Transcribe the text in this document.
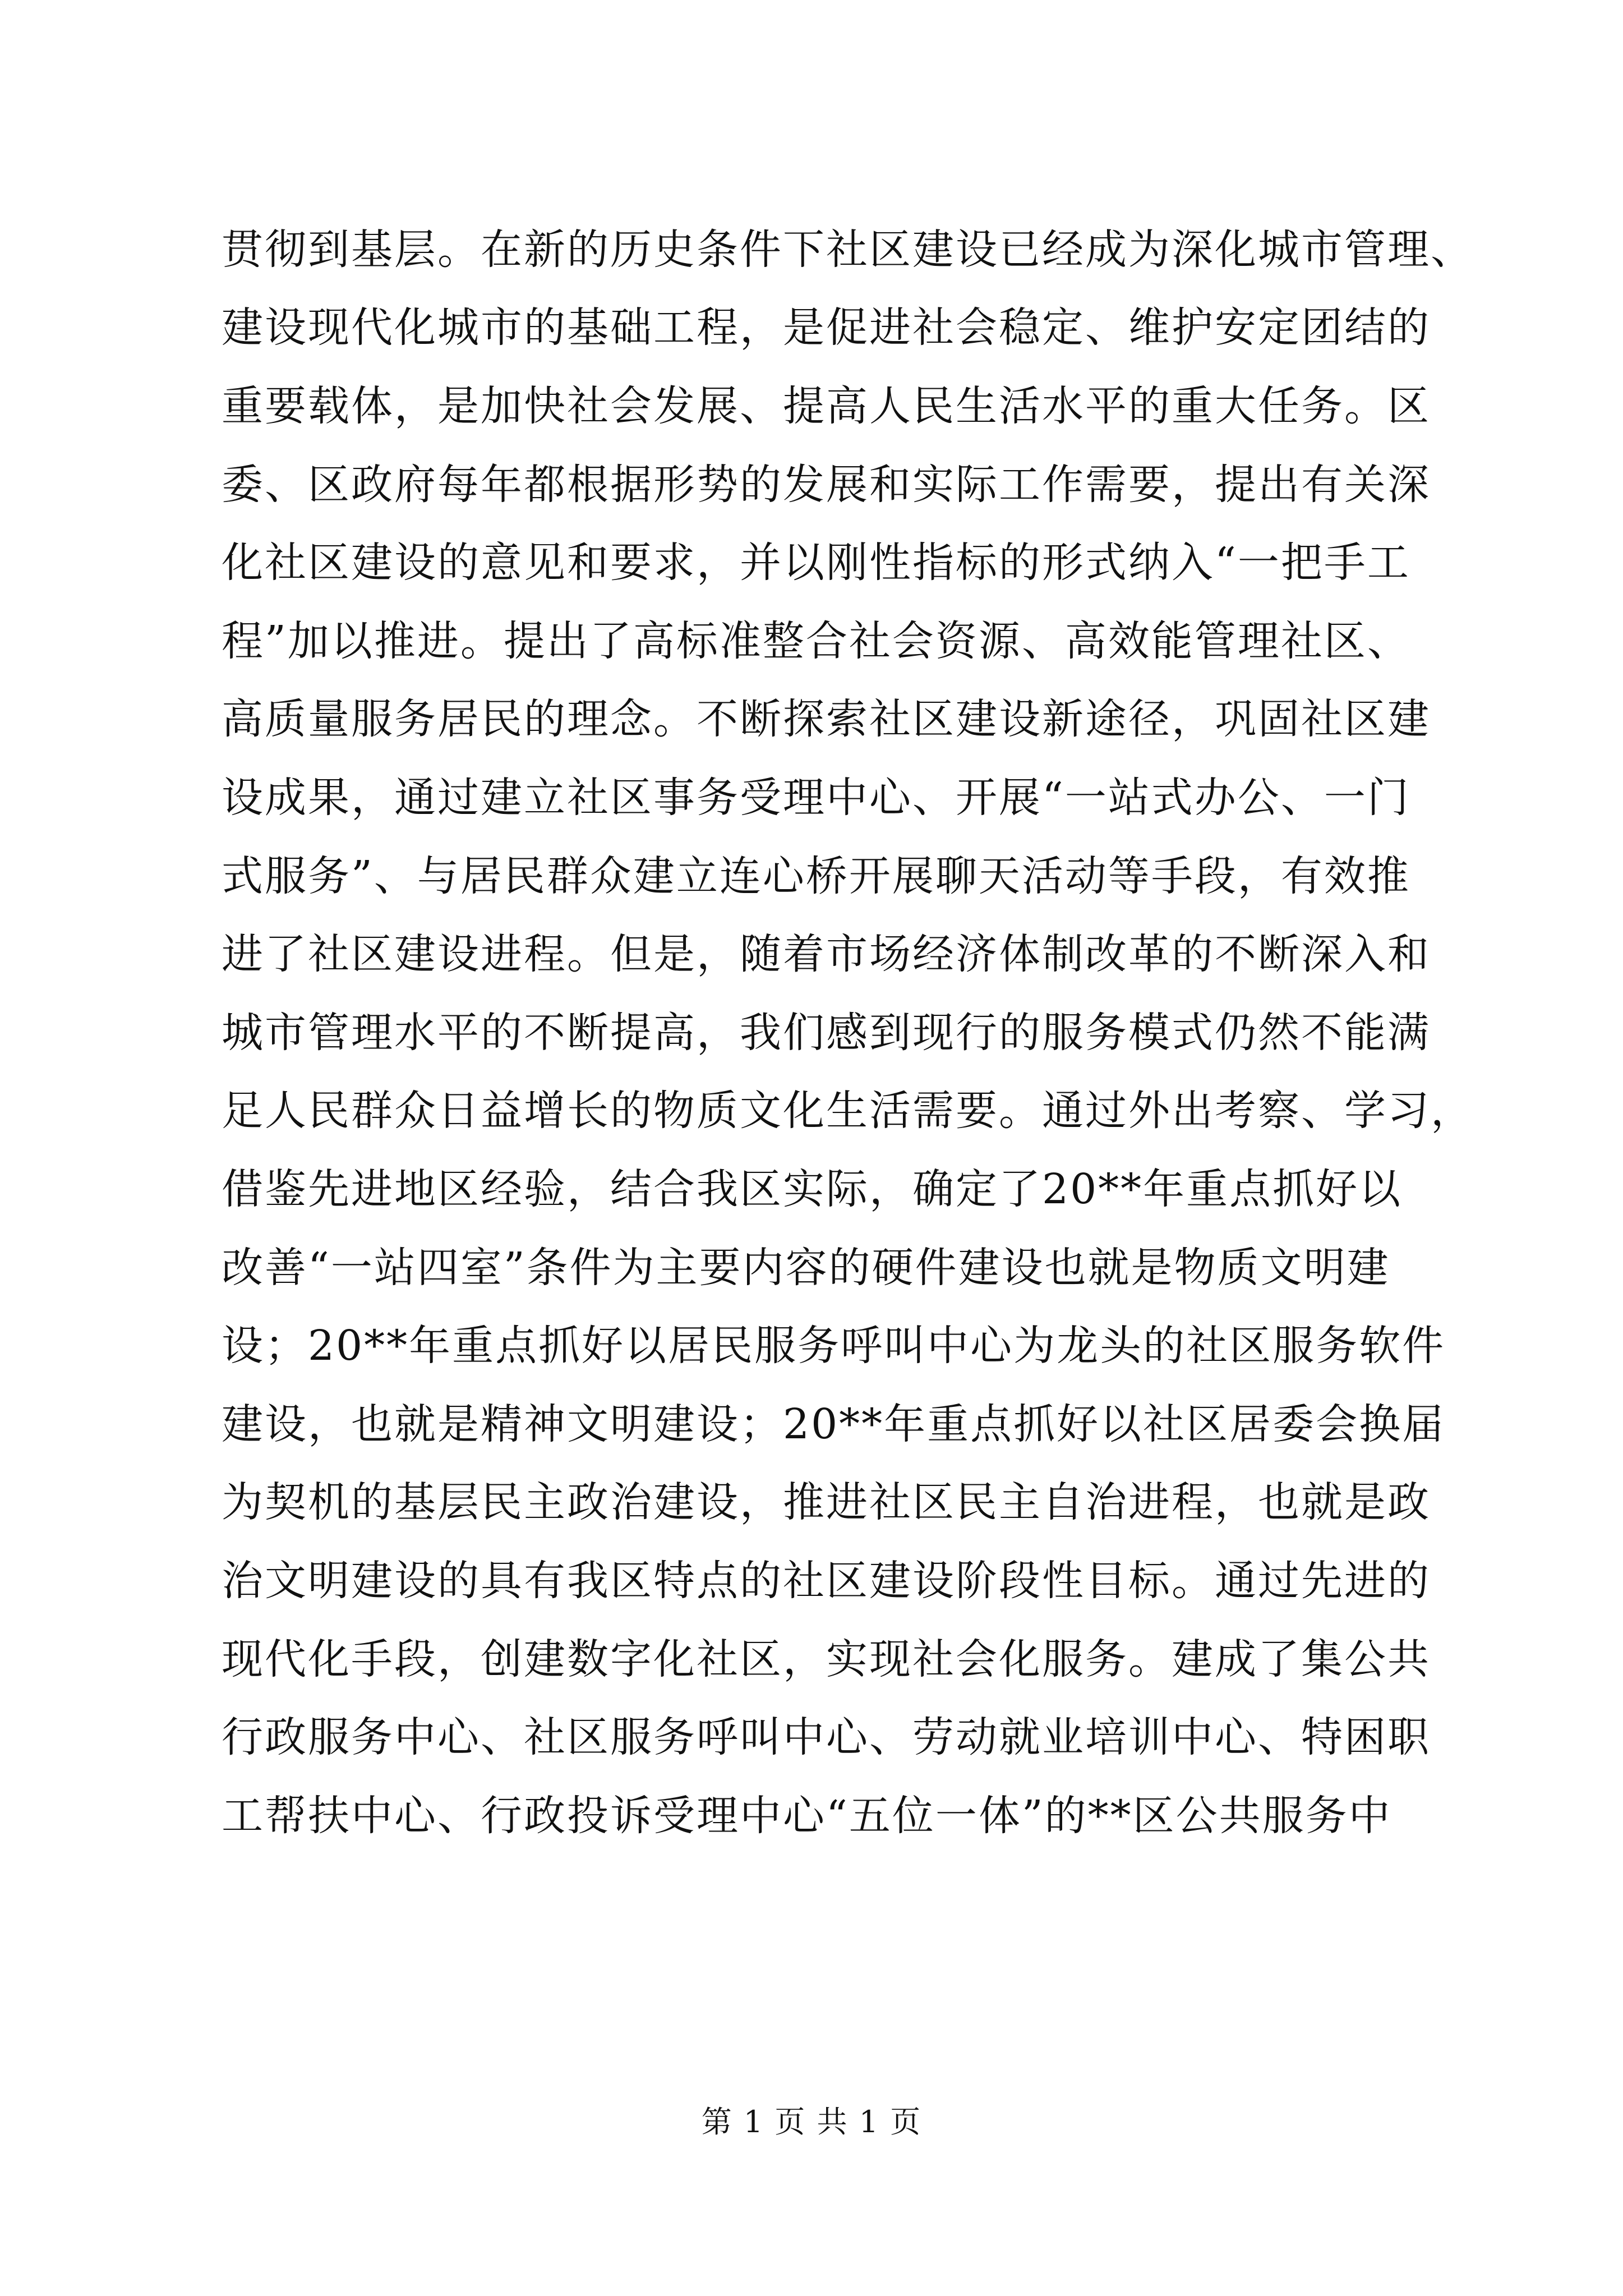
贯彻到基层。在新的历史条件下社区建设已经成为深化城市管理、
建设现代化城市的基础工程，是促进社会稳定、维护安定团结的
重要载体，是加快社会发展、提高人民生活水平的重大任务。区
委、区政府每年都根据形势的发展和实际工作需要，提出有关深
化社区建设的意见和要求，并以刚性指标的形式纳入“一把手工
程”加以推进。提出了高标准整合社会资源、高效能管理社区、
高质量服务居民的理念。不断探索社区建设新途径，巩固社区建
设成果，通过建立社区事务受理中心、开展“一站式办公、一门
式服务”、与居民群众建立连心桥开展聊天活动等手段，有效推
进了社区建设进程。但是，随着市场经济体制改革的不断深入和
城市管理水平的不断提高，我们感到现行的服务模式仍然不能满
足人民群众日益增长的物质文化生活需要。通过外出考察、学习，
借鉴先进地区经验，结合我区实际，确定了20**年重点抓好以
改善“一站四室”条件为主要内容的硬件建设也就是物质文明建
设；20**年重点抓好以居民服务呼叫中心为龙头的社区服务软件
建设，也就是精神文明建设；20**年重点抓好以社区居委会换届
为契机的基层民主政治建设，推进社区民主自治进程，也就是政
治文明建设的具有我区特点的社区建设阶段性目标。通过先进的
现代化手段，创建数字化社区，实现社会化服务。建成了集公共
行政服务中心、社区服务呼叫中心、劳动就业培训中心、特困职
工帮扶中心、行政投诉受理中心“五位一体”的**区公共服务中
第 1 页 共 1 页
